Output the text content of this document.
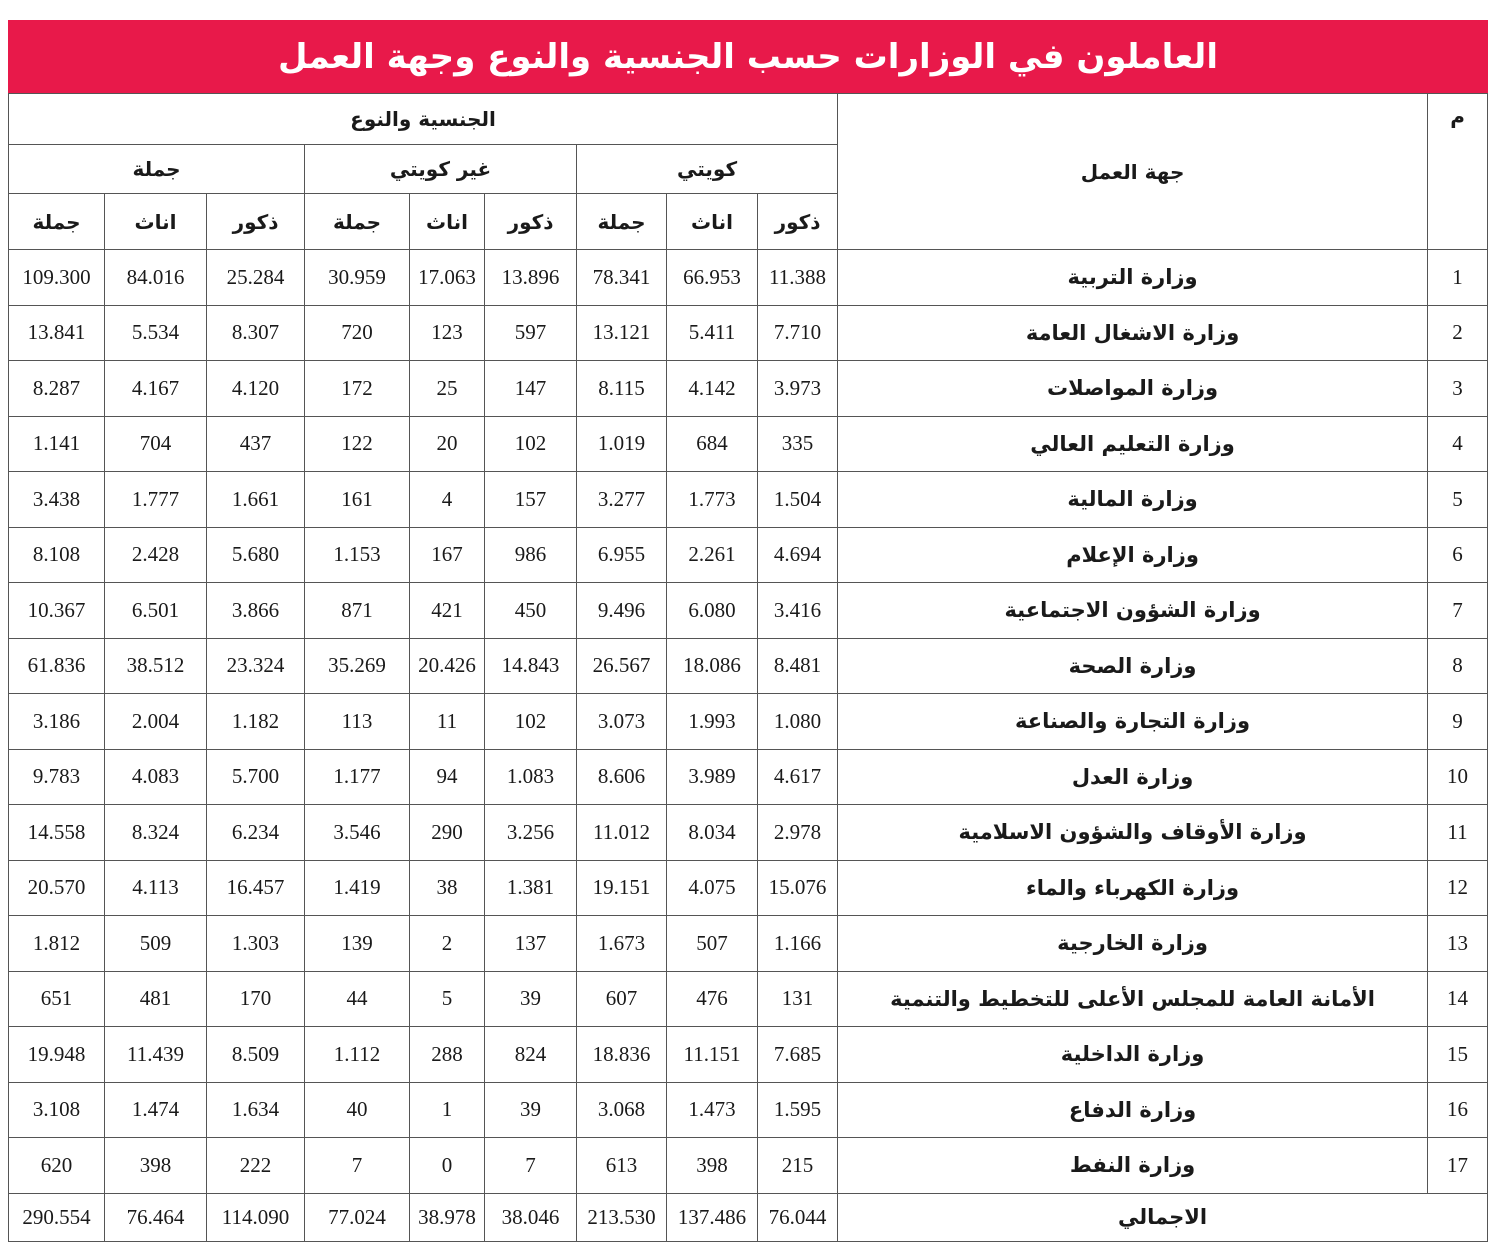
العاملون في الوزارات حسب الجنسية والنوع وجهة العمل
م	جهة العمل	الجنسية والنوع								
		كويتي			غير كويتي			جملة		
		ذكور	اناث	جملة	ذكور	اناث	جملة	ذكور	اناث	جملة
1	وزارة التربية	11.388	66.953	78.341	13.896	17.063	30.959	25.284	84.016	109.300
2	وزارة الاشغال العامة	7.710	5.411	13.121	597	123	720	8.307	5.534	13.841
3	وزارة المواصلات	3.973	4.142	8.115	147	25	172	4.120	4.167	8.287
4	وزارة التعليم العالي	335	684	1.019	102	20	122	437	704	1.141
5	وزارة المالية	1.504	1.773	3.277	157	4	161	1.661	1.777	3.438
6	وزارة الإعلام	4.694	2.261	6.955	986	167	1.153	5.680	2.428	8.108
7	وزارة الشؤون الاجتماعية	3.416	6.080	9.496	450	421	871	3.866	6.501	10.367
8	وزارة الصحة	8.481	18.086	26.567	14.843	20.426	35.269	23.324	38.512	61.836
9	وزارة التجارة والصناعة	1.080	1.993	3.073	102	11	113	1.182	2.004	3.186
10	وزارة العدل	4.617	3.989	8.606	1.083	94	1.177	5.700	4.083	9.783
11	وزارة الأوقاف والشؤون الاسلامية	2.978	8.034	11.012	3.256	290	3.546	6.234	8.324	14.558
12	وزارة الكهرباء والماء	15.076	4.075	19.151	1.381	38	1.419	16.457	4.113	20.570
13	وزارة الخارجية	1.166	507	1.673	137	2	139	1.303	509	1.812
14	الأمانة العامة للمجلس الأعلى للتخطيط والتنمية	131	476	607	39	5	44	170	481	651
15	وزارة الداخلية	7.685	11.151	18.836	824	288	1.112	8.509	11.439	19.948
16	وزارة الدفاع	1.595	1.473	3.068	39	1	40	1.634	1.474	3.108
17	وزارة النفط	215	398	613	7	0	7	222	398	620
الاجمالي		76.044	137.486	213.530	38.046	38.978	77.024	114.090	76.464	290.554
